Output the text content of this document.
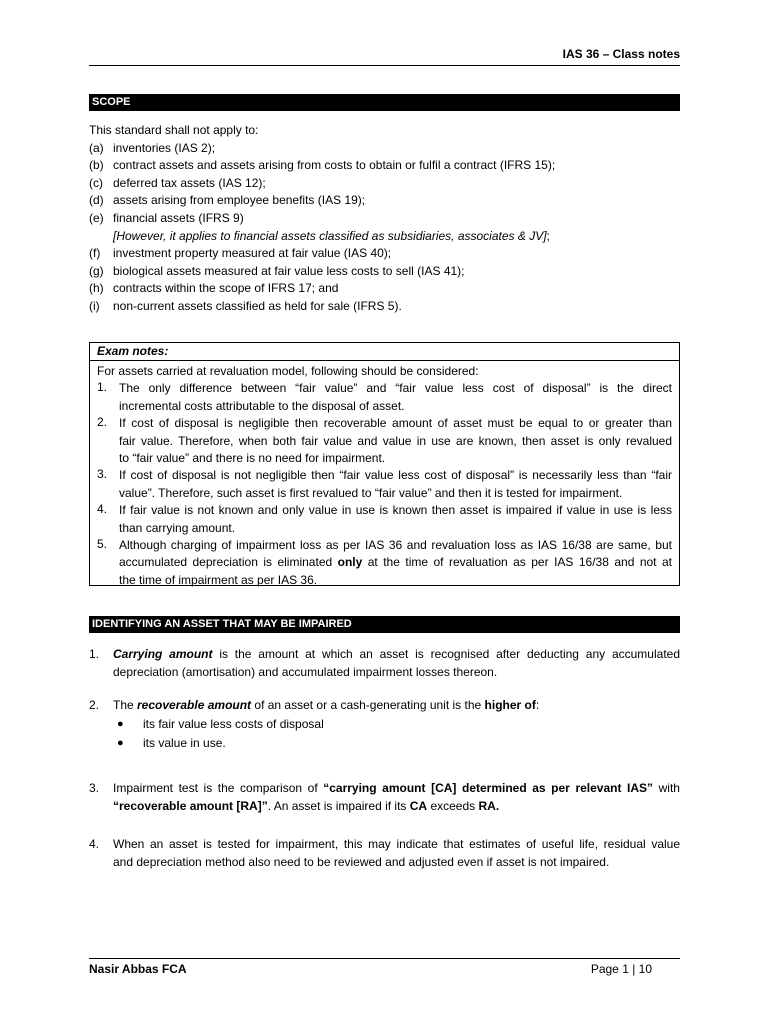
IAS 36 – Class notes
SCOPE
This standard shall not apply to:
(a) inventories (IAS 2);
(b) contract assets and assets arising from costs to obtain or fulfil a contract (IFRS 15);
(c) deferred tax assets (IAS 12);
(d) assets arising from employee benefits (IAS 19);
(e) financial assets (IFRS 9)
[However, it applies to financial assets classified as subsidiaries, associates & JV];
(f) investment property measured at fair value (IAS 40);
(g) biological assets measured at fair value less costs to sell (IAS 41);
(h) contracts within the scope of IFRS 17; and
(i) non-current assets classified as held for sale (IFRS 5).
Exam notes:
For assets carried at revaluation model, following should be considered:
1. The only difference between “fair value” and “fair value less cost of disposal” is the direct
incremental costs attributable to the disposal of asset.
2. If cost of disposal is negligible then recoverable amount of asset must be equal to or greater than
fair value. Therefore, when both fair value and value in use are known, then asset is only revalued
to “fair value” and there is no need for impairment.
3. If cost of disposal is not negligible then “fair value less cost of disposal” is necessarily less than “fair
value”. Therefore, such asset is first revalued to “fair value” and then it is tested for impairment.
4. If fair value is not known and only value in use is known then asset is impaired if value in use is less
than carrying amount.
5. Although charging of impairment loss as per IAS 36 and revaluation loss as IAS 16/38 are same, but
accumulated depreciation is eliminated only at the time of revaluation as per IAS 16/38 and not at
the time of impairment as per IAS 36.
IDENTIFYING AN ASSET THAT MAY BE IMPAIRED
1.	Carrying amount is the amount at which an asset is recognised after deducting any accumulated
depreciation (amortisation) and accumulated impairment losses thereon.
2.	The recoverable amount of an asset or a cash-generating unit is the higher of:
●	its fair value less costs of disposal
●	its value in use.
3.	Impairment test is the comparison of “carrying amount [CA] determined as per relevant IAS” with
“recoverable amount [RA]”. An asset is impaired if its CA exceeds RA.
4.	When an asset is tested for impairment, this may indicate that estimates of useful life, residual value
and depreciation method also need to be reviewed and adjusted even if asset is not impaired.
Nasir Abbas FCA	Page 1 | 10
